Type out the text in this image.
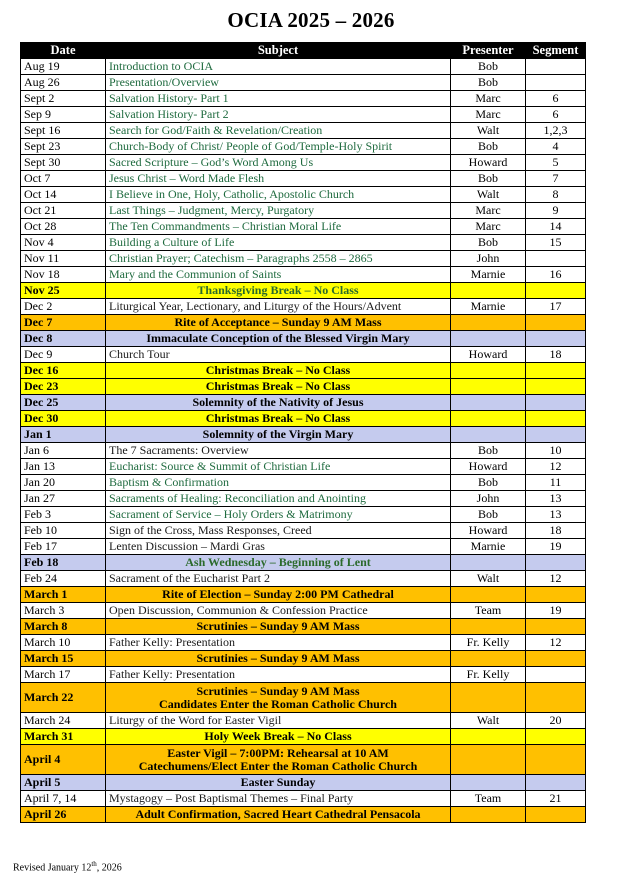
OCIA 2025 – 2026
Date	Subject	Presenter	Segment
Aug 19	Introduction to OCIA	Bob	
Aug 26	Presentation/Overview	Bob	
Sept 2	Salvation History- Part 1	Marc	6
Sep 9	Salvation History- Part 2	Marc	6
Sept 16	Search for God/Faith & Revelation/Creation	Walt	1,2,3
Sept 23	Church-Body of Christ/ People of God/Temple-Holy Spirit	Bob	4
Sept 30	Sacred Scripture – God’s Word Among Us	Howard	5
Oct 7	Jesus Christ – Word Made Flesh	Bob	7
Oct 14	I Believe in One, Holy, Catholic, Apostolic Church	Walt	8
Oct 21	Last Things – Judgment, Mercy, Purgatory	Marc	9
Oct 28	The Ten Commandments – Christian Moral Life	Marc	14
Nov 4	Building a Culture of Life	Bob	15
Nov 11	Christian Prayer; Catechism – Paragraphs 2558 – 2865	John	
Nov 18	Mary and the Communion of Saints	Marnie	16
Nov 25	Thanksgiving Break – No Class		
Dec 2	Liturgical Year, Lectionary, and Liturgy of the Hours/Advent	Marnie	17
Dec 7	Rite of Acceptance – Sunday 9 AM Mass		
Dec 8	Immaculate Conception of the Blessed Virgin Mary		
Dec 9	Church Tour	Howard	18
Dec 16	Christmas Break – No Class		
Dec 23	Christmas Break – No Class		
Dec 25	Solemnity of the Nativity of Jesus		
Dec 30	Christmas Break – No Class		
Jan 1	Solemnity of the Virgin Mary		
Jan 6	The 7 Sacraments: Overview	Bob	10
Jan 13	Eucharist: Source & Summit of Christian Life	Howard	12
Jan 20	Baptism & Confirmation	Bob	11
Jan 27	Sacraments of Healing: Reconciliation and Anointing	John	13
Feb 3	Sacrament of Service – Holy Orders & Matrimony	Bob	13
Feb 10	Sign of the Cross, Mass Responses, Creed	Howard	18
Feb 17	Lenten Discussion – Mardi Gras	Marnie	19
Feb 18	Ash Wednesday – Beginning of Lent		
Feb 24	Sacrament of the Eucharist Part 2	Walt	12
March 1	Rite of Election – Sunday 2:00 PM Cathedral		
March 3	Open Discussion, Communion & Confession Practice	Team	19
March 8	Scrutinies – Sunday 9 AM Mass		
March 10	Father Kelly: Presentation	Fr. Kelly	12
March 15	Scrutinies – Sunday 9 AM Mass		
March 17	Father Kelly: Presentation	Fr. Kelly	
March 22	Scrutinies – Sunday 9 AM Mass
Candidates Enter the Roman Catholic Church		

March 24	Liturgy of the Word for Easter Vigil	Walt	20
March 31	Holy Week Break – No Class		
April 4	Easter Vigil – 7:00PM: Rehearsal at 10 AM
Catechumens/Elect Enter the Roman Catholic Church		

April 5	Easter Sunday		
April 7, 14	Mystagogy – Post Baptismal Themes – Final Party	Team	21
April 26	Adult Confirmation, Sacred Heart Cathedral Pensacola		
Revised January 12th, 2026
